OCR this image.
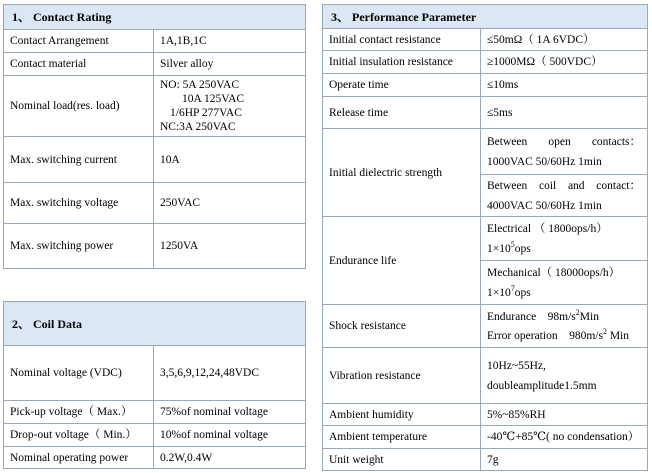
1、 Contact Rating	
Contact Arrangement	1A,1B,1C
Contact material	Silver alloy
Nominal load(res. load)	NO: 5A 250VAC
10A 125VAC
1/6HP 277VAC
NC:3A 250VAC

Max. switching current	10A
Max. switching voltage	250VAC
Max. switching power	1250VA
2、 Coil Data	
Nominal voltage (VDC)	3,5,6,9,12,24,48VDC
Pick-up voltage（ Max.）	75%of nominal voltage
Drop-out voltage（ Min.）	10%of nominal voltage
Nominal operating power	0.2W,0.4W
3、 Performance Parameter	
Initial contact resistance	≤50mΩ（ 1A 6VDC）
Initial insulation resistance	≥1000MΩ（ 500VDC）
Operate time	≤10ms
Release time	≤5ms
Initial dielectric strength	Between open contacts：
1000VAC 50/60Hz 1min

	Between coil and contact：
4000VAC 50/60Hz 1min

Endurance life	Electrical （ 1800ops/h）
$1\times 10^5ops$

	Mechanical（ 18000ops/h）
$1\times 10^7ops$

Shock resistance	Endurance    $98m/s^2Min$
Error operation    $980m/s^2$ Min

Vibration resistance	10Hz~55Hz,
doubleamplitude1.5mm

Ambient humidity	5%~85%RH
Ambient temperature	-40℃+85℃( no condensation）
Unit weight	7g
